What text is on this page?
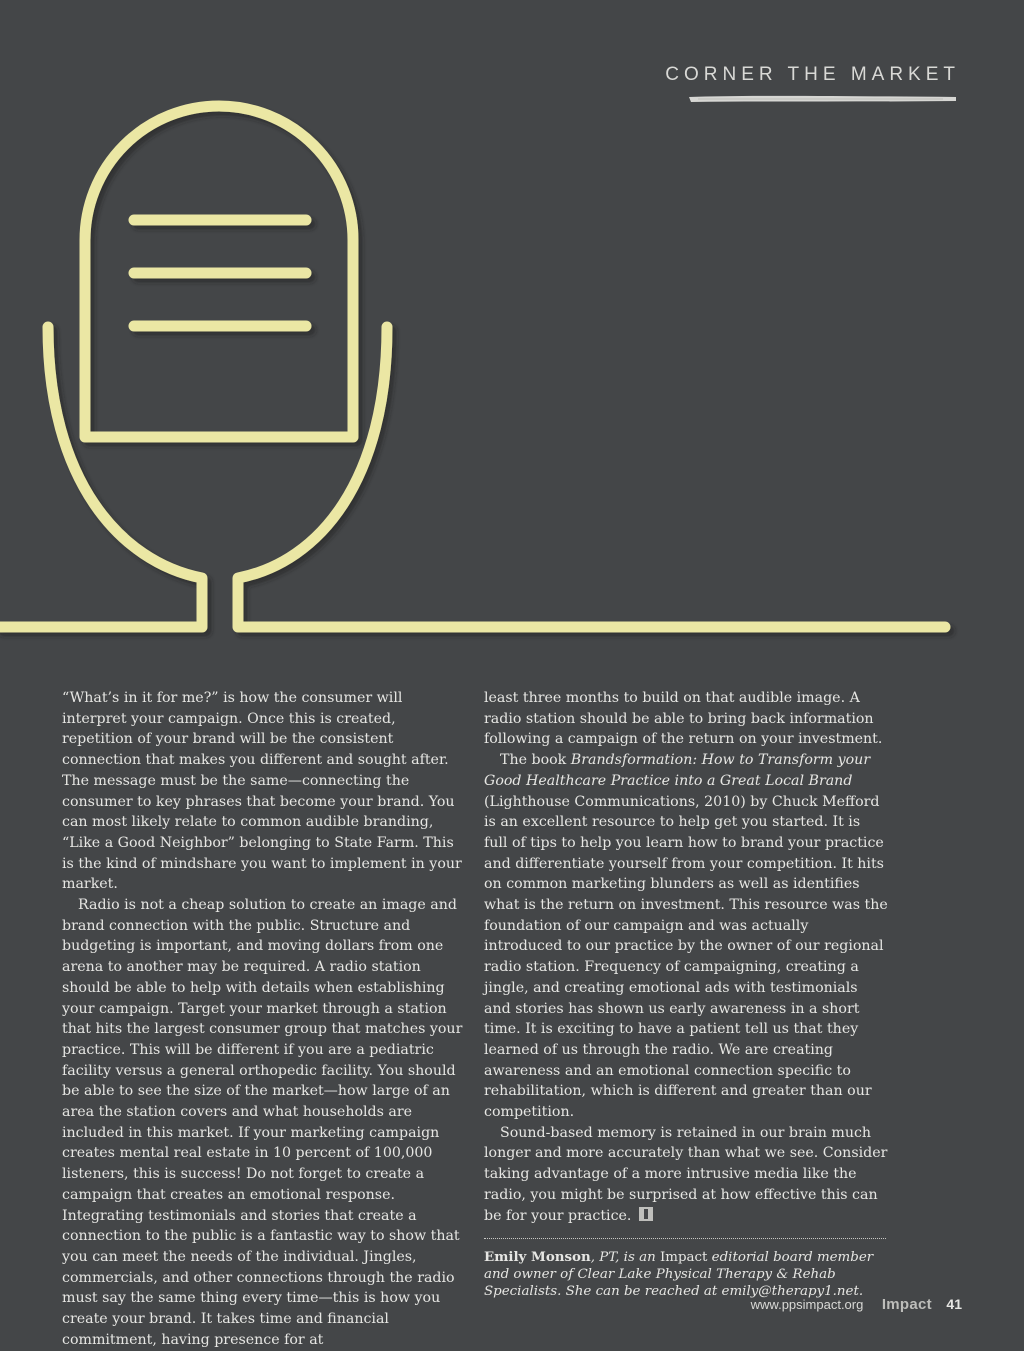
CORNER THE MARKET

“What’s in it for me?” is how the consumer will interpret your campaign. Once this is created, repetition of your brand will be the consistent connection that makes you different and sought after. The message must be the same—connecting the consumer to key phrases that become your brand. You can most likely relate to common audible branding, “Like a Good Neighbor” belonging to State Farm. This is the kind of mindshare you want to implement in your market.

Radio is not a cheap solution to create an image and brand connection with the public. Structure and budgeting is important, and moving dollars from one arena to another may be required. A radio station should be able to help with details when establishing your campaign. Target your market through a station that hits the largest consumer group that matches your practice. This will be different if you are a pediatric facility versus a general orthopedic facility. You should be able to see the size of the market—how large of an area the station covers and what households are included in this market. If your marketing campaign creates mental real estate in 10 percent of 100,000 listeners, this is success! Do not forget to create a campaign that creates an emotional response. Integrating testimonials and stories that create a connection to the public is a fantastic way to show that you can meet the needs of the individual. Jingles, commercials, and other connections through the radio must say the same thing every time—this is how you create your brand. It takes time and financial commitment, having presence for at

least three months to build on that audible image. A radio station should be able to bring back information following a campaign of the return on your investment.

The book Brandsformation: How to Transform your Good Healthcare Practice into a Great Local Brand (Lighthouse Communications, 2010) by Chuck Mefford is an excellent resource to help get you started. It is full of tips to help you learn how to brand your practice and differentiate yourself from your competition. It hits on common marketing blunders as well as identifies what is the return on investment. This resource was the foundation of our campaign and was actually introduced to our practice by the owner of our regional radio station. Frequency of campaigning, creating a jingle, and creating emotional ads with testimonials and stories has shown us early awareness in a short time. It is exciting to have a patient tell us that they learned of us through the radio. We are creating awareness and an emotional connection specific to rehabilitation, which is different and greater than our competition.

Sound-based memory is retained in our brain much longer and more accurately than what we see. Consider taking advantage of a more intrusive media like the radio, you might be surprised at how effective this can be for your practice.

Emily Monson, PT, is an Impact editorial board member and owner of Clear Lake Physical Therapy & Rehab Specialists. She can be reached at emily@therapy1.net.
www.ppsimpact.org Impact 41
